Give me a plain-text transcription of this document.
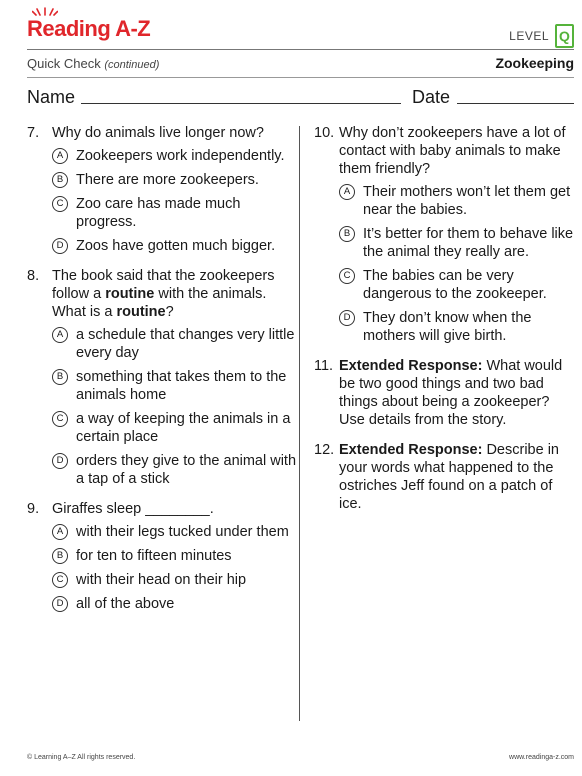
Reading A-Z	LEVEL Q
Quick Check (continued)	Zookeeping
Name	Date
7. Why do animals live longer now?
A Zookeepers work independently.
B There are more zookeepers.
C Zoo care has made much progress.
D Zoos have gotten much bigger.
8. The book said that the zookeepers follow a routine with the animals. What is a routine?
A a schedule that changes very little every day
B something that takes them to the animals home
C a way of keeping the animals in a certain place
D orders they give to the animal with a tap of a stick
9. Giraffes sleep ________.
A with their legs tucked under them
B for ten to fifteen minutes
C with their head on their hip
D all of the above
10. Why don’t zookeepers have a lot of contact with baby animals to make them friendly?
A Their mothers won’t let them get near the babies.
B It’s better for them to behave like the animal they really are.
C The babies can be very dangerous to the zookeeper.
D They don’t know when the mothers will give birth.
11. Extended Response: What would be two good things and two bad things about being a zookeeper? Use details from the story.
12. Extended Response: Describe in your words what happened to the ostriches Jeff found on a patch of ice.
© Learning A–Z All rights reserved.	www.readinga-z.com
